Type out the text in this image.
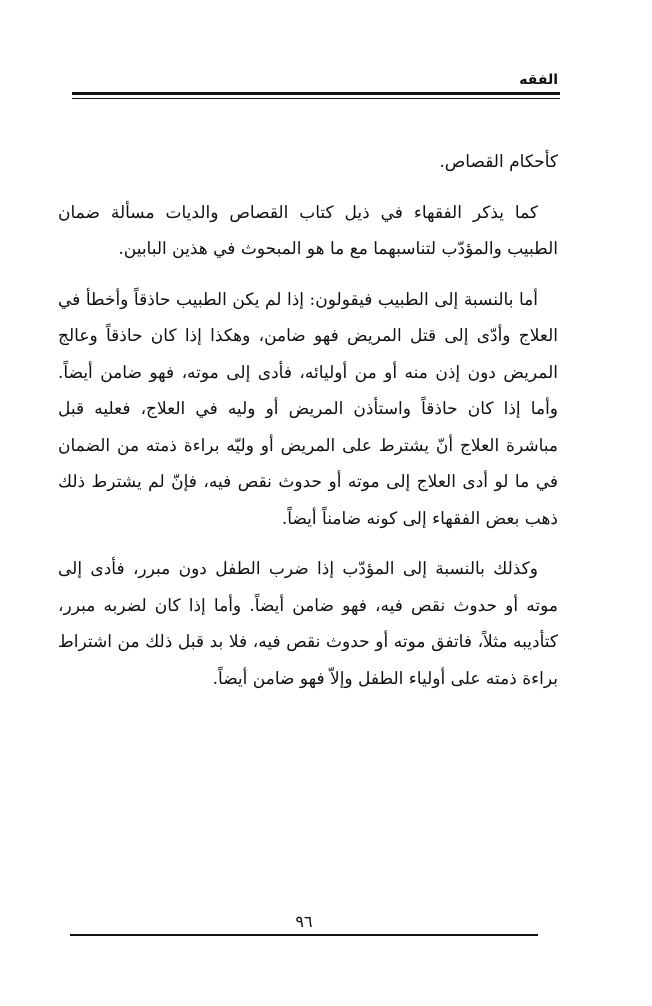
الفقه

كأحكام القصاص.

كما يذكر الفقهاء في ذيل كتاب القصاص والديات مسألة ضمان الطبيب والمؤدّب لتناسبهما مع ما هو المبحوث في هذين البابين.

أما بالنسبة إلى الطبيب فيقولون: إذا لم يكن الطبيب حاذقاً وأخطأ في العلاج وأدّى إلى قتل المريض فهو ضامن، وهكذا إذا كان حاذقاً وعالج المريض دون إذن منه أو من أوليائه، فأدى إلى موته، فهو ضامن أيضاً. وأما إذا كان حاذقاً واستأذن المريض أو وليه في العلاج، فعليه قبل مباشرة العلاج أنّ يشترط على المريض أو وليّه براءة ذمته من الضمان في ما لو أدى العلاج إلى موته أو حدوث نقص فيه، فإنّ لم يشترط ذلك ذهب بعض الفقهاء إلى كونه ضامناً أيضاً.

وكذلك بالنسبة إلى المؤدّب إذا ضرب الطفل دون مبرر، فأدى إلى موته أو حدوث نقص فيه، فهو ضامن أيضاً. وأما إذا كان لضربه مبرر، كتأديبه مثلاً، فاتفق موته أو حدوث نقص فيه، فلا بد قبل ذلك من اشتراط براءة ذمته على أولياء الطفل وإلاّ فهو ضامن أيضاً.

٩٦
